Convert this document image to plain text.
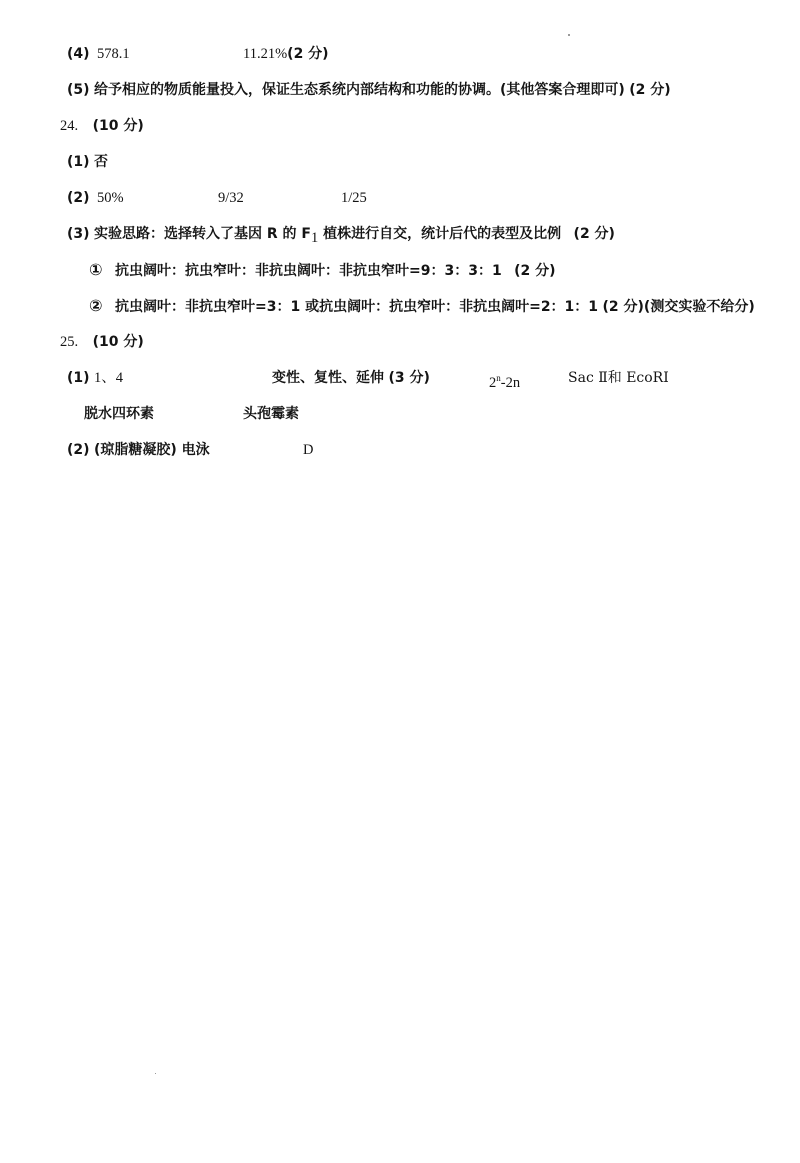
(4) 578.1	11.21%(2 分)
(5) 给予相应的物质能量投入，保证生态系统内部结构和功能的协调。(其他答案合理即可) (2 分)
24. (10 分)
(1) 否
(2) 50%	9/32	1/25
(3) 实验思路：选择转入了基因 R 的 $F_1$ 植株进行自交，统计后代的表型及比例 (2 分)
① 抗虫阔叶：抗虫窄叶：非抗虫阔叶：非抗虫窄叶=9：3：3：1 (2 分)
② 抗虫阔叶：非抗虫窄叶=3：1 或抗虫阔叶：抗虫窄叶：非抗虫阔叶=2：1：1 (2 分)(测交实验不给分)
25. (10 分)
(1) 1、4	变性、复性、延伸 (3 分)	2$^n$-2n	Sac Ⅱ和 EcoRI
脱水四环素	头孢霉素
(2) (琼脂糖凝胶) 电泳	D
